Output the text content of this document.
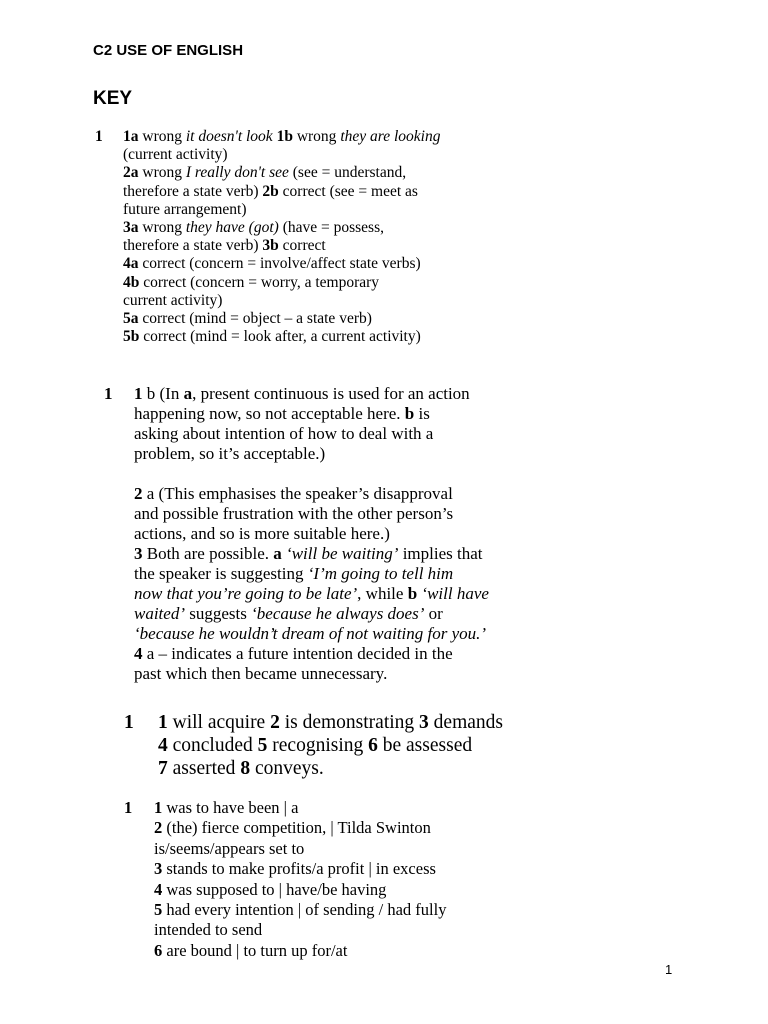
C2 USE OF ENGLISH
KEY
1 1a wrong it doesn't look 1b wrong they are looking
(current activity)
2a wrong I really don't see (see = understand,
therefore a state verb) 2b correct (see = meet as
future arrangement)
3a wrong they have (got) (have = possess,
therefore a state verb) 3b correct
4a correct (concern = involve/affect state verbs)
4b correct (concern = worry, a temporary
current activity)
5a correct (mind = object – a state verb)
5b correct (mind = look after, a current activity)
1 1 b (In a, present continuous is used for an action
happening now, so not acceptable here. b is
asking about intention of how to deal with a
problem, so it’s acceptable.)
2 a (This emphasises the speaker’s disapproval
and possible frustration with the other person’s
actions, and so is more suitable here.)
3 Both are possible. a ‘will be waiting’ implies that
the speaker is suggesting ‘I’m going to tell him
now that you’re going to be late’, while b ‘will have
waited’ suggests ‘because he always does’ or
‘because he wouldn’t dream of not waiting for you.’
4 a – indicates a future intention decided in the
past which then became unnecessary.
1 1 will acquire 2 is demonstrating 3 demands
4 concluded 5 recognising 6 be assessed
7 asserted 8 conveys.
1 1 was to have been | a
2 (the) fierce competition, | Tilda Swinton
is/seems/appears set to
3 stands to make profits/a profit | in excess
4 was supposed to | have/be having
5 had every intention | of sending / had fully
intended to send
6 are bound | to turn up for/at
1
